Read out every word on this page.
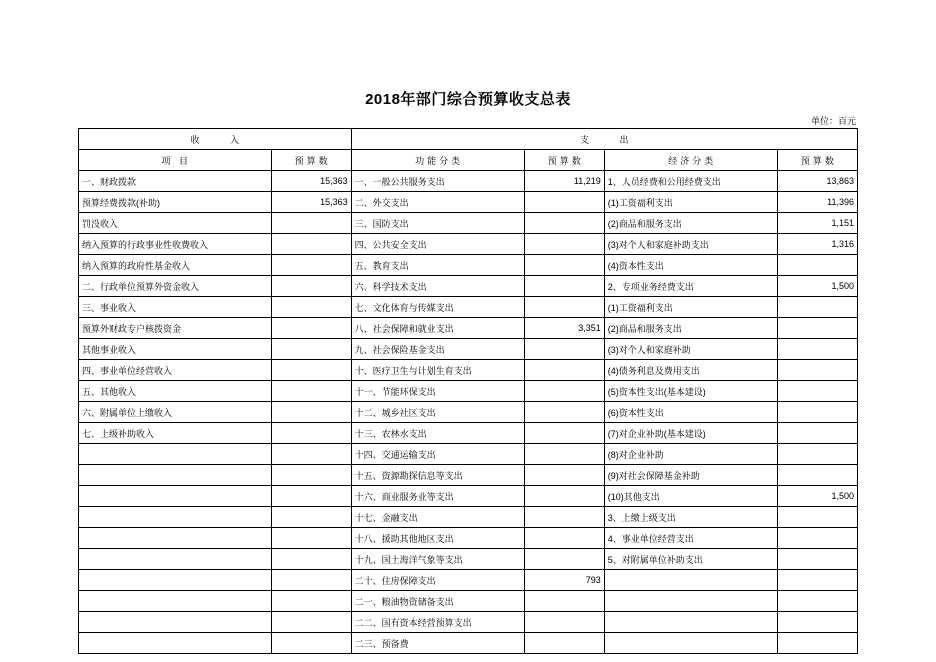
2018年部门综合预算收支总表
单位：百元
收 入		支 出			
项 目	预算数	功能分类	预算数	经济分类	预算数
一、财政拨款	15,363	一、一般公共服务支出	11,219	1、人员经费和公用经费支出	13,863
预算经费拨款(补助)	15,363	二、外交支出		(1)工资福利支出	11,396
罚没收入		三、国防支出		(2)商品和服务支出	1,151
纳入预算的行政事业性收费收入		四、公共安全支出		(3)对个人和家庭补助支出	1,316
纳入预算的政府性基金收入		五、教育支出		(4)资本性支出	
二、行政单位预算外资金收入		六、科学技术支出		2、专项业务经费支出	1,500
三、事业收入		七、文化体育与传媒支出		(1)工资福利支出	
预算外财政专户核拨资金		八、社会保障和就业支出	3,351	(2)商品和服务支出	
其他事业收入		九、社会保险基金支出		(3)对个人和家庭补助	
四、事业单位经营收入		十、医疗卫生与计划生育支出		(4)债务利息及费用支出	
五、其他收入		十一、节能环保支出		(5)资本性支出(基本建设)	
六、附属单位上缴收入		十二、城乡社区支出		(6)资本性支出	
七、上级补助收入		十三、农林水支出		(7)对企业补助(基本建设)	
		十四、交通运输支出		(8)对企业补助	
		十五、资源勘探信息等支出		(9)对社会保障基金补助	
		十六、商业服务业等支出		(10)其他支出	1,500
		十七、金融支出		3、上缴上级支出	
		十八、援助其他地区支出		4、事业单位经营支出	
		十九、国土海洋气象等支出		5、对附属单位补助支出	
		二十、住房保障支出	793		
		二一、粮油物资储备支出			
		二二、国有资本经营预算支出			
		二三、预备费			
